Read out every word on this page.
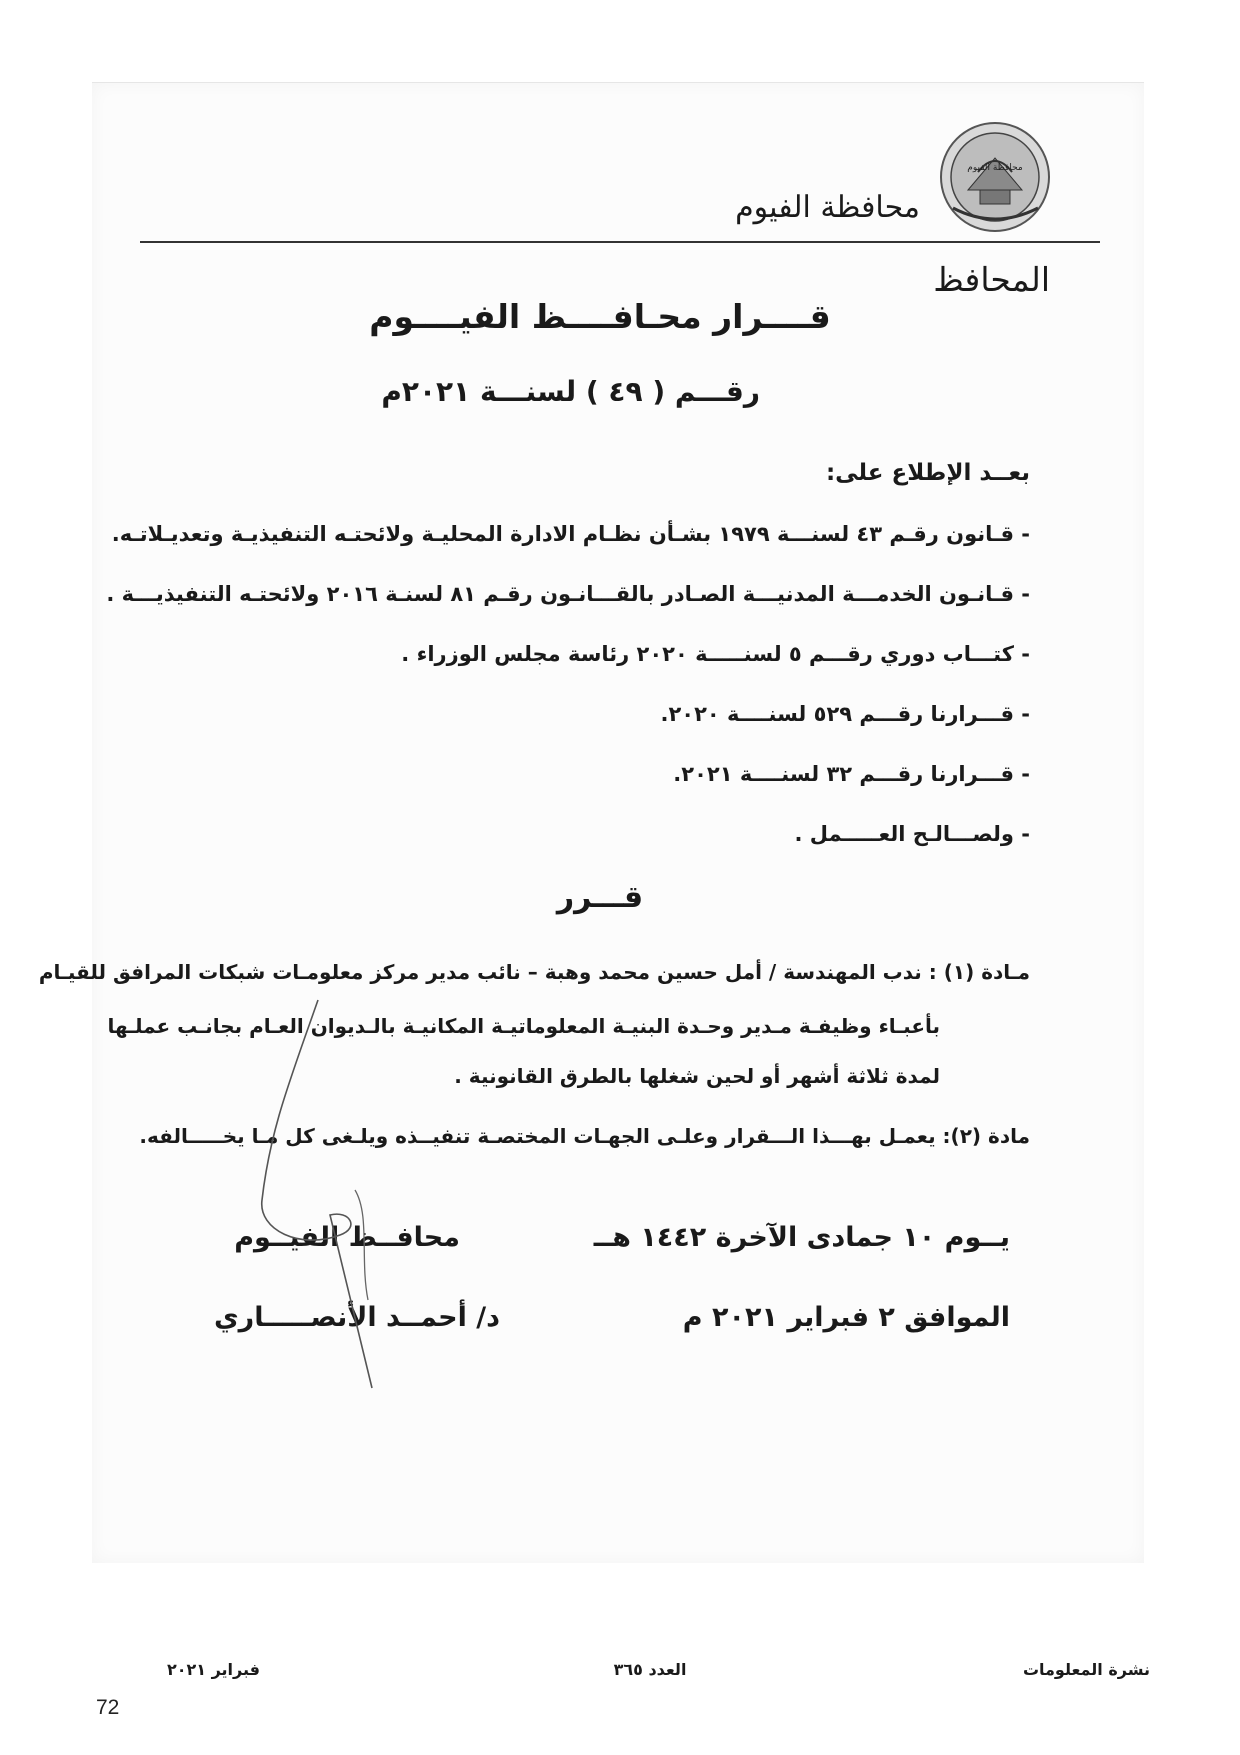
محافظة الفيوم
محافظة الفيوم
المحافظ
قــــرار محـافــــظ الفيــــوم
رقـــم ( ٤٩ ) لسنـــة ٢٠٢١م
بعــد الإطلاع على:
- قـانون رقـم ٤٣ لسنـــة ١٩٧٩ بشـأن نظـام الادارة المحليـة ولائحتـه التنفيذيـة وتعديـلاتـه.
- قـانـون الخدمـــة المدنيـــة الصـادر بالقـــانـون رقـم ٨١ لسنـة ٢٠١٦ ولائحتـه التنفيذيـــة .
- كتـــاب دوري رقـــم ٥ لسنـــــة ٢٠٢٠ رئاسة مجلس الوزراء .
- قـــرارنا رقـــم ٥٢٩ لسنــــة ٢٠٢٠.
- قـــرارنا رقـــم ٣٢ لسنــــة ٢٠٢١.
- ولصـــالـح العـــــمل .
قـــرر
مـادة (١) : ندب المهندسة / أمل حسين محمد وهبة – نائب مدير مركز معلومـات شبكات المرافق للقيـام
بأعبـاء وظيفـة مـدير وحـدة البنيـة المعلوماتيـة المكانيـة بالـديوان العـام بجانـب عملـها
لمدة ثلاثة أشهر أو لحين شغلها بالطرق القانونية .
مادة (٢): يعمـل بهـــذا الـــقرار وعلـى الجهـات المختصـة تنفيــذه ويلـغى كل مـا يخـــــالفه.
يــوم ١٠ جمادى الآخرة ١٤٤٢ هــ
الموافق ٢ فبراير ٢٠٢١ م
محافــظ الفيــوم
د/ أحمــد الأنصـــــاري
نشرة المعلومات
العدد ٣٦٥
فبراير ٢٠٢١
72
